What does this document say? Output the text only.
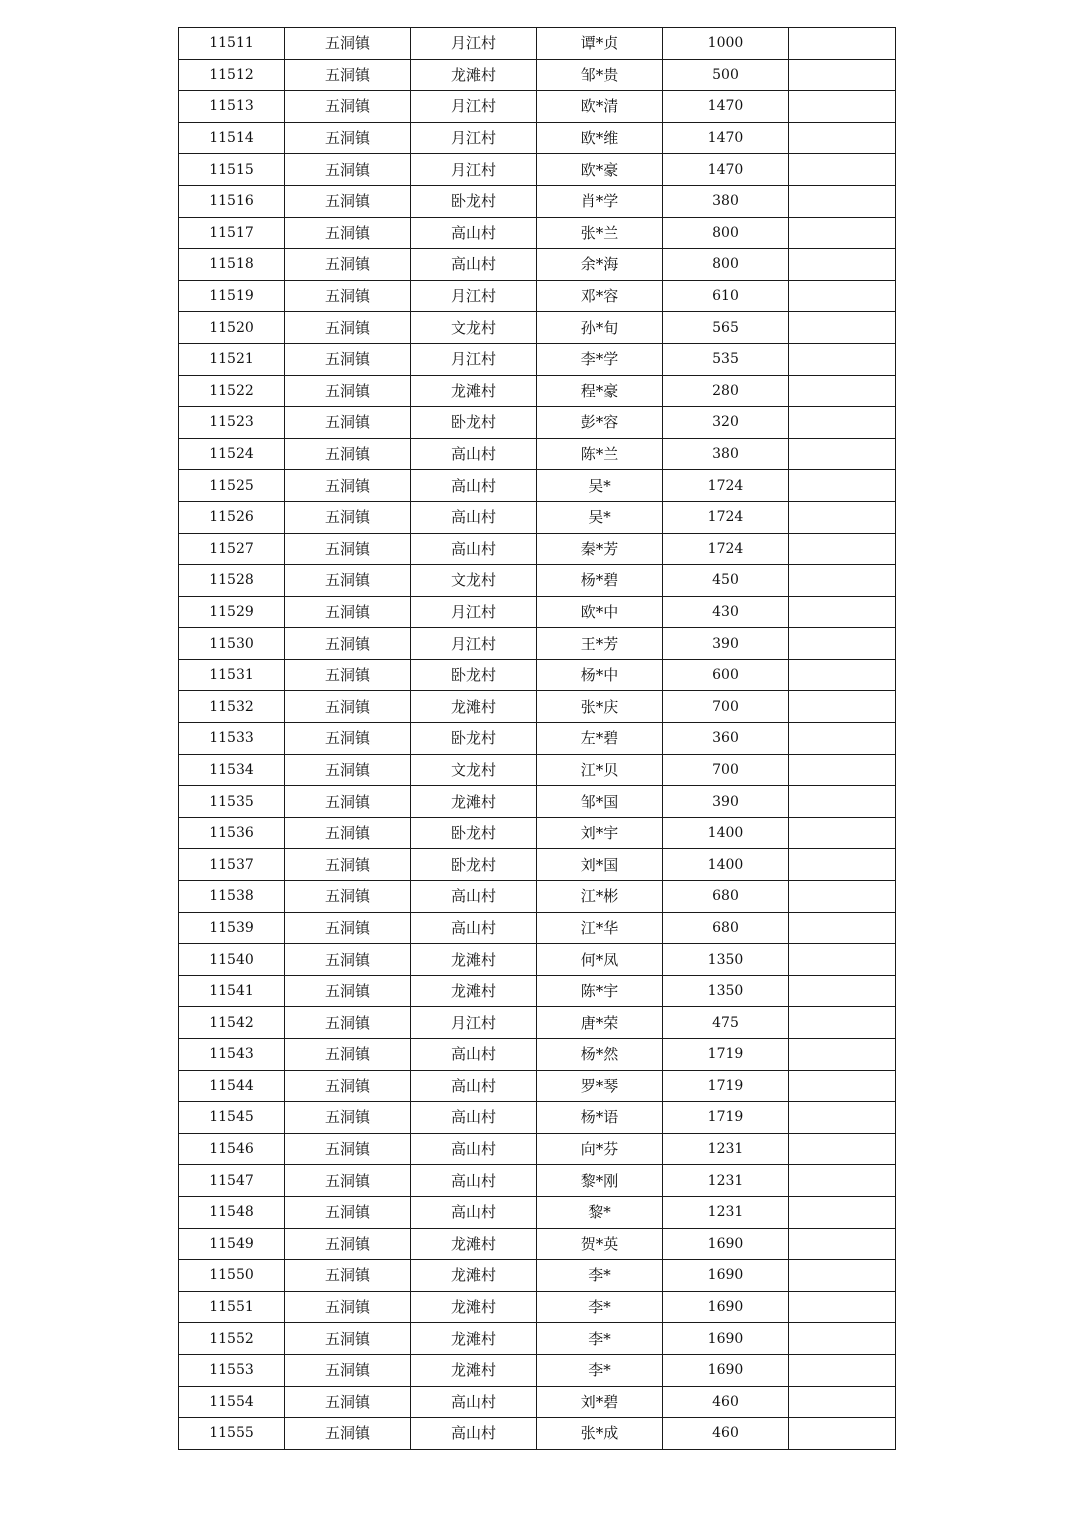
11511	五洞镇	月江村	谭*贞	1000	
11512	五洞镇	龙滩村	邹*贵	500	
11513	五洞镇	月江村	欧*清	1470	
11514	五洞镇	月江村	欧*维	1470	
11515	五洞镇	月江村	欧*豪	1470	
11516	五洞镇	卧龙村	肖*学	380	
11517	五洞镇	高山村	张*兰	800	
11518	五洞镇	高山村	余*海	800	
11519	五洞镇	月江村	邓*容	610	
11520	五洞镇	文龙村	孙*旬	565	
11521	五洞镇	月江村	李*学	535	
11522	五洞镇	龙滩村	程*豪	280	
11523	五洞镇	卧龙村	彭*容	320	
11524	五洞镇	高山村	陈*兰	380	
11525	五洞镇	高山村	吴*	1724	
11526	五洞镇	高山村	吴*	1724	
11527	五洞镇	高山村	秦*芳	1724	
11528	五洞镇	文龙村	杨*碧	450	
11529	五洞镇	月江村	欧*中	430	
11530	五洞镇	月江村	王*芳	390	
11531	五洞镇	卧龙村	杨*中	600	
11532	五洞镇	龙滩村	张*庆	700	
11533	五洞镇	卧龙村	左*碧	360	
11534	五洞镇	文龙村	江*贝	700	
11535	五洞镇	龙滩村	邹*国	390	
11536	五洞镇	卧龙村	刘*宇	1400	
11537	五洞镇	卧龙村	刘*国	1400	
11538	五洞镇	高山村	江*彬	680	
11539	五洞镇	高山村	江*华	680	
11540	五洞镇	龙滩村	何*凤	1350	
11541	五洞镇	龙滩村	陈*宇	1350	
11542	五洞镇	月江村	唐*荣	475	
11543	五洞镇	高山村	杨*然	1719	
11544	五洞镇	高山村	罗*琴	1719	
11545	五洞镇	高山村	杨*语	1719	
11546	五洞镇	高山村	向*芬	1231	
11547	五洞镇	高山村	黎*刚	1231	
11548	五洞镇	高山村	黎*	1231	
11549	五洞镇	龙滩村	贺*英	1690	
11550	五洞镇	龙滩村	李*	1690	
11551	五洞镇	龙滩村	李*	1690	
11552	五洞镇	龙滩村	李*	1690	
11553	五洞镇	龙滩村	李*	1690	
11554	五洞镇	高山村	刘*碧	460	
11555	五洞镇	高山村	张*成	460	
